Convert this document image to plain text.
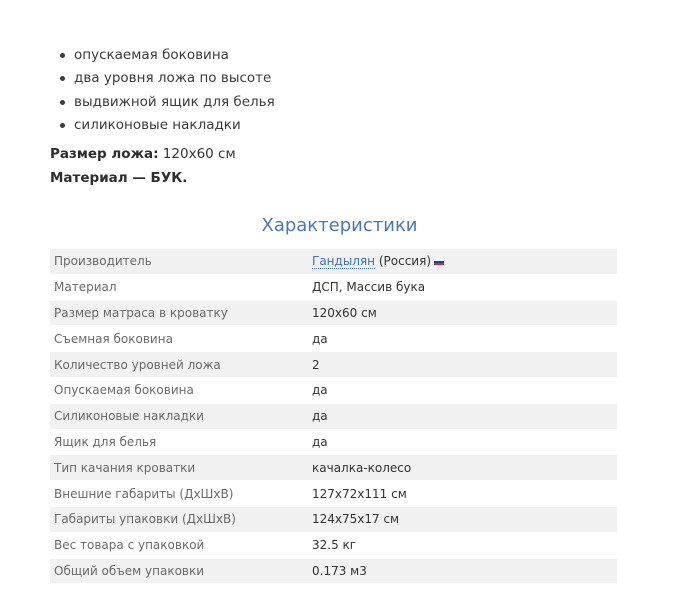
опускаемая боковина
два уровня ложа по высоте
выдвижной ящик для белья
силиконовые накладки
Размер ложа: 120х60 см
Материал — БУК.
Характеристики
Производитель	Гандылян (Россия)

Материал	ДСП, Массив бука
Размер матраса в кроватку	120х60 см
Съемная боковина	да
Количество уровней ложа	2
Опускаемая боковина	да
Силиконовые накладки	да
Ящик для белья	да
Тип качания кроватки	качалка-колесо
Внешние габариты (ДхШхВ)	127х72х111 см
Габариты упаковки (ДхШхВ)	124х75х17 см
Вес товара с упаковкой	32.5 кг
Общий объем упаковки	0.173 м3
